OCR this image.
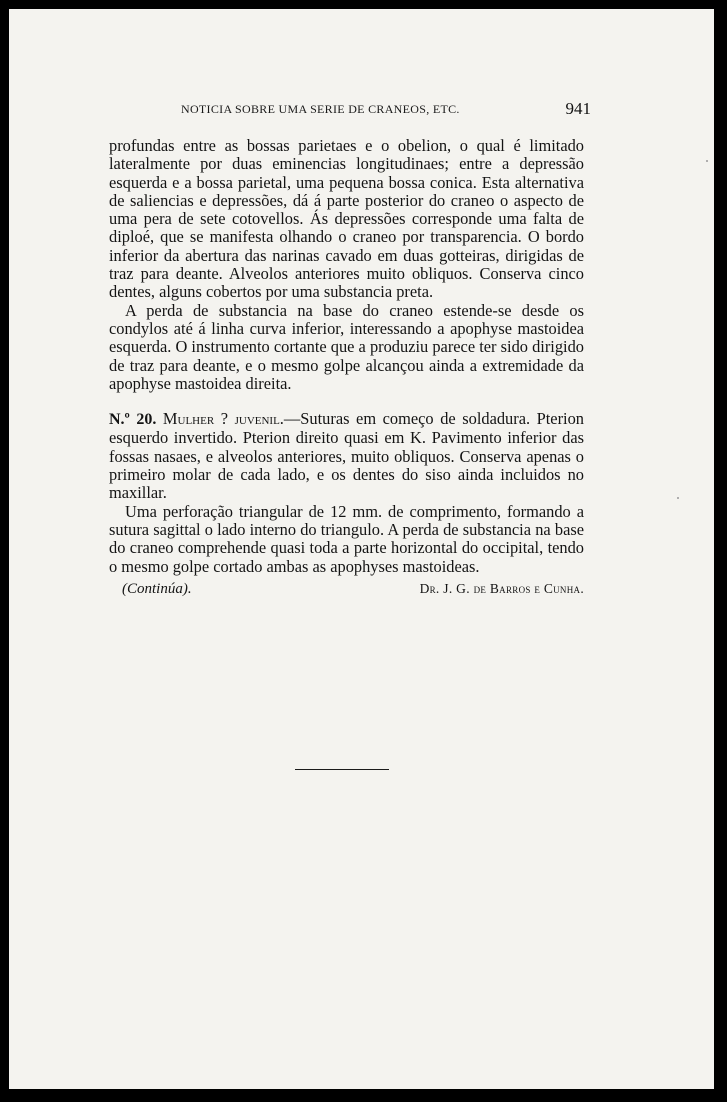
NOTICIA SOBRE UMA SERIE DE CRANEOS, ETC.	941

profundas entre as bossas parietaes e o obelion, o qual é limitado lateralmente por duas eminencias longitudinaes; entre a depressão esquerda e a bossa parietal, uma pequena bossa conica. Esta alternativa de saliencias e depressões, dá á parte posterior do craneo o aspecto de uma pera de sete cotovellos. Ás depressões corresponde uma falta de diploé, que se manifesta olhando o craneo por transparencia. O bordo inferior da abertura das narinas cavado em duas gotteiras, dirigidas de traz para deante. Alveolos anteriores muito obliquos. Conserva cinco dentes, alguns cobertos por uma substancia preta.

A perda de substancia na base do craneo estende-se desde os condylos até á linha curva inferior, interessando a apophyse mastoidea esquerda. O instrumento cortante que a produziu parece ter sido dirigido de traz para deante, e o mesmo golpe alcançou ainda a extremidade da apophyse mastoidea direita.

N.º 20. Mulher ? juvenil.—Suturas em começo de soldadura. Pterion esquerdo invertido. Pterion direito quasi em K. Pavimento inferior das fossas nasaes, e alveolos anteriores, muito obliquos. Conserva apenas o primeiro molar de cada lado, e os dentes do siso ainda incluidos no maxillar.

Uma perforação triangular de 12 mm. de comprimento, formando a sutura sagittal o lado interno do triangulo. A perda de substancia na base do craneo comprehende quasi toda a parte horizontal do occipital, tendo o mesmo golpe cortado ambas as apophyses mastoideas.

(Continúa).	Dr. J. G. de Barros e Cunha.
